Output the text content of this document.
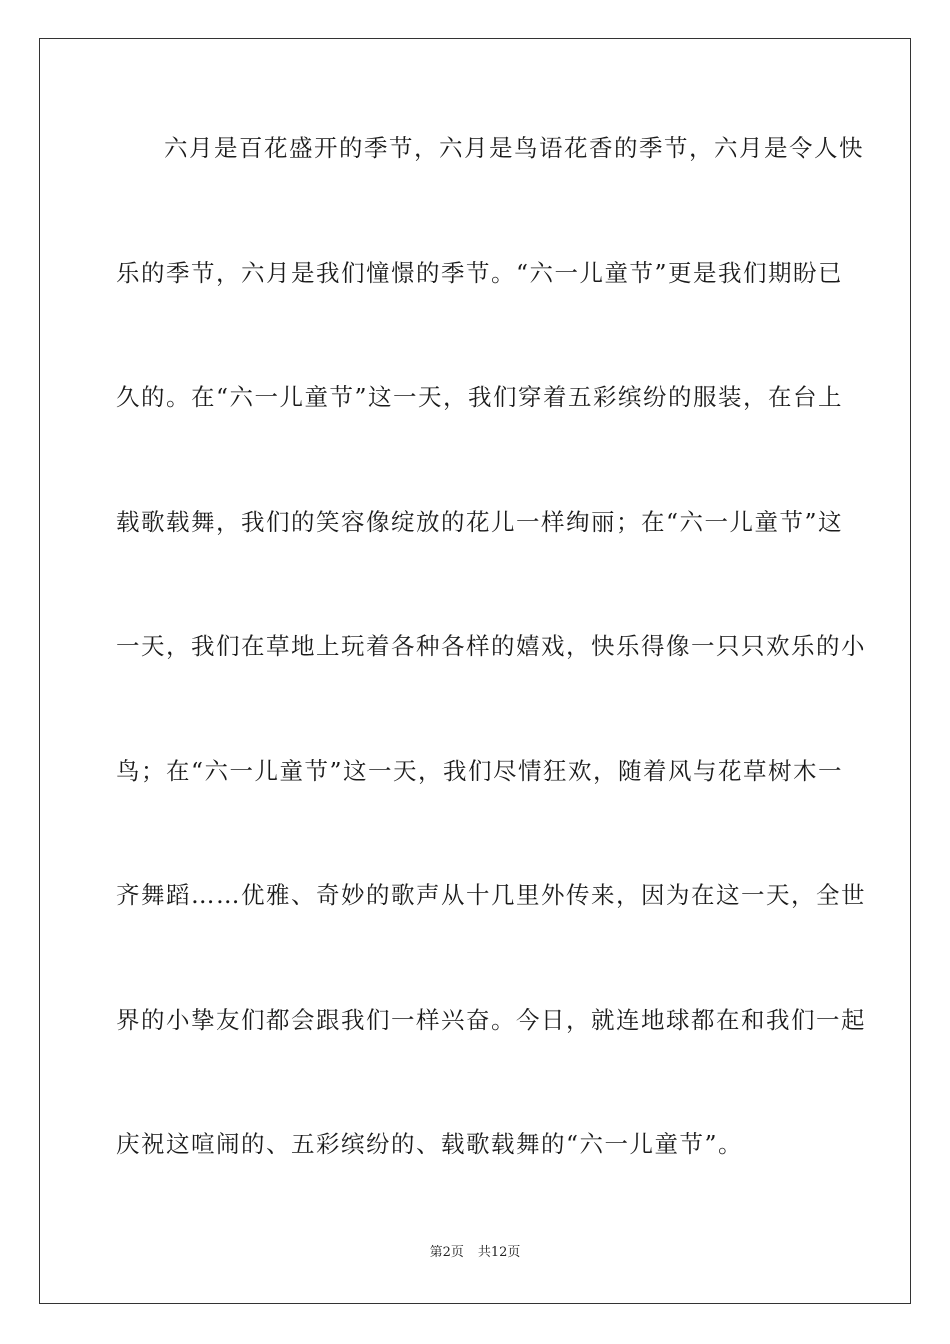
六月是百花盛开的季节，六月是鸟语花香的季节，六月是令人快
乐的季节，六月是我们憧憬的季节。“六一儿童节”更是我们期盼已
久的。在“六一儿童节”这一天，我们穿着五彩缤纷的服装，在台上
载歌载舞，我们的笑容像绽放的花儿一样绚丽；在“六一儿童节”这
一天，我们在草地上玩着各种各样的嬉戏，快乐得像一只只欢乐的小
鸟；在“六一儿童节”这一天，我们尽情狂欢，随着风与花草树木一
齐舞蹈……优雅、奇妙的歌声从十几里外传来，因为在这一天，全世
界的小挚友们都会跟我们一样兴奋。今日，就连地球都在和我们一起
庆祝这喧闹的、五彩缤纷的、载歌载舞的“六一儿童节”。
第2页 共12页
